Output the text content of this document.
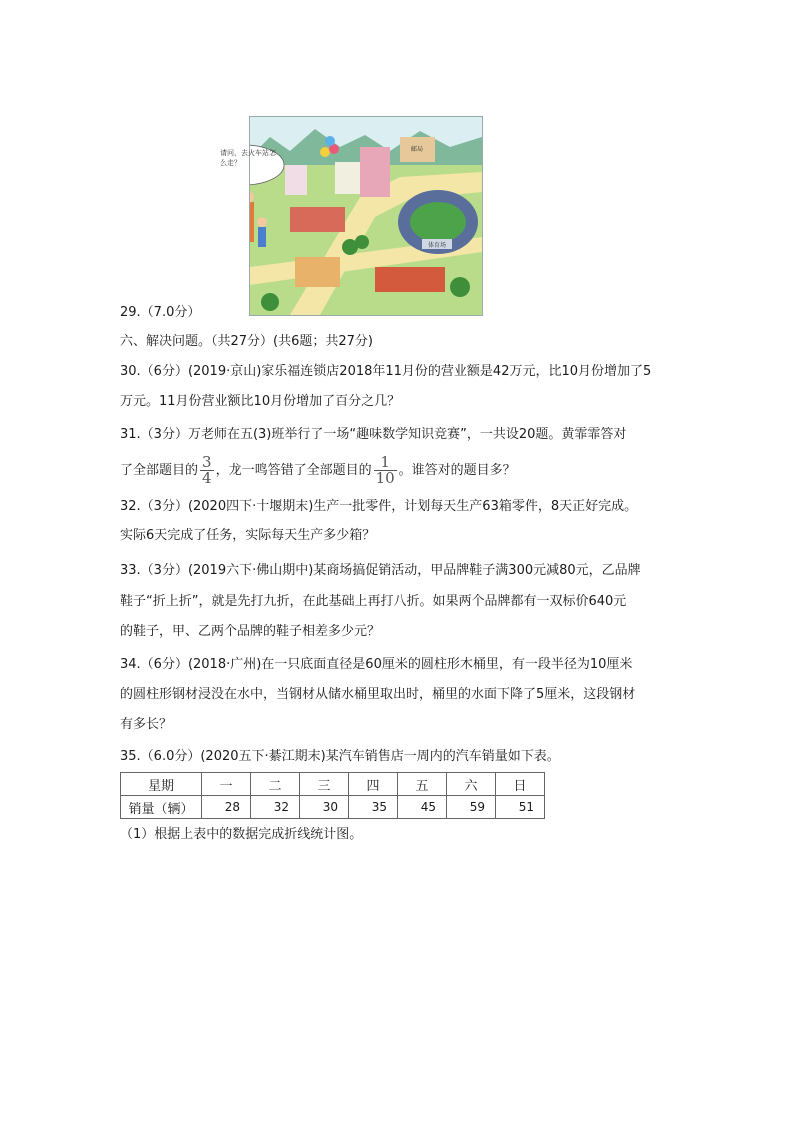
体育场
邮局
29.（7.0分）
六、解决问题。（共27分）(共6题；共27分)
30.（6分）(2019·京山)家乐福连锁店2018年11月份的营业额是42万元，比10月份增加了5
万元。11月份营业额比10月份增加了百分之几？
31.（3分）万老师在五(3)班举行了一场“趣味数学知识竞赛”，一共设20题。黄霏霏答对
了全部题目的 $\frac{3}{4}$ ，龙一鸣答错了全部题目的 $\frac{1}{10}$ 。谁答对的题目多？
32.（3分）(2020四下·十堰期末)生产一批零件，计划每天生产63箱零件，8天正好完成。
实际6天完成了任务，实际每天生产多少箱？
33.（3分）(2019六下·佛山期中)某商场搞促销活动，甲品牌鞋子满300元减80元，乙品牌
鞋子“折上折”，就是先打九折，在此基础上再打八折。如果两个品牌都有一双标价640元
的鞋子，甲、乙两个品牌的鞋子相差多少元？
34.（6分）(2018·广州)在一只底面直径是60厘米的圆柱形木桶里，有一段半径为10厘米
的圆柱形钢材浸没在水中，当钢材从储水桶里取出时，桶里的水面下降了5厘米，这段钢材
有多长？
35.（6.0分）(2020五下·綦江期末)某汽车销售店一周内的汽车销量如下表。
星期	一	二	三	四	五	六	日
销量（辆）	28	32	30	35	45	59	51
（1）根据上表中的数据完成折线统计图。
请问，去火车站怎么走？
